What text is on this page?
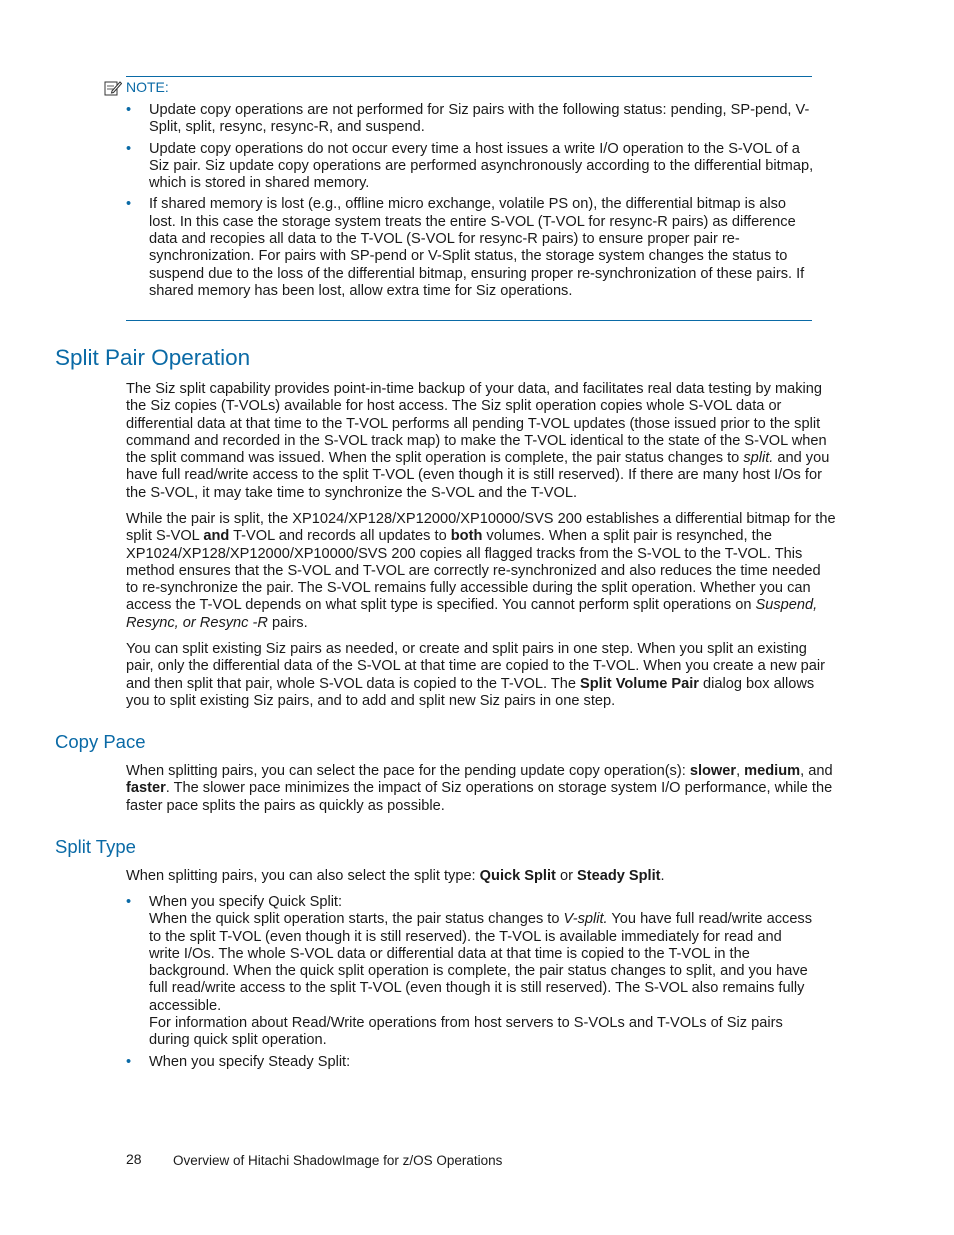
NOTE:
• Update copy operations are not performed for Siz pairs with the following status: pending, SP-pend, V-Split, split, resync, resync-R, and suspend.
• Update copy operations do not occur every time a host issues a write I/O operation to the S-VOL of a Siz pair. Siz update copy operations are performed asynchronously according to the differential bitmap, which is stored in shared memory.
• If shared memory is lost (e.g., offline micro exchange, volatile PS on), the differential bitmap is also lost. In this case the storage system treats the entire S-VOL (T-VOL for resync-R pairs) as difference data and recopies all data to the T-VOL (S-VOL for resync-R pairs) to ensure proper pair re-synchronization. For pairs with SP-pend or V-Split status, the storage system changes the status to suspend due to the loss of the differential bitmap, ensuring proper re-synchronization of these pairs. If shared memory has been lost, allow extra time for Siz operations.
Split Pair Operation

The Siz split capability provides point-in-time backup of your data, and facilitates real data testing by making the Siz copies (T-VOLs) available for host access. The Siz split operation copies whole S-VOL data or differential data at that time to the T-VOL performs all pending T-VOL updates (those issued prior to the split command and recorded in the S-VOL track map) to make the T-VOL identical to the state of the S-VOL when the split command was issued. When the split operation is complete, the pair status changes to split. and you have full read/write access to the split T-VOL (even though it is still reserved). If there are many host I/Os for the S-VOL, it may take time to synchronize the S-VOL and the T-VOL.

While the pair is split, the XP1024/XP128/XP12000/XP10000/SVS 200 establishes a differential bitmap for the split S-VOL and T-VOL and records all updates to both volumes. When a split pair is resynched, the XP1024/XP128/XP12000/XP10000/SVS 200 copies all flagged tracks from the S-VOL to the T-VOL. This method ensures that the S-VOL and T-VOL are correctly re-synchronized and also reduces the time needed to re-synchronize the pair. The S-VOL remains fully accessible during the split operation. Whether you can access the T-VOL depends on what split type is specified. You cannot perform split operations on Suspend, Resync, or Resync -R pairs.

You can split existing Siz pairs as needed, or create and split pairs in one step. When you split an existing pair, only the differential data of the S-VOL at that time are copied to the T-VOL. When you create a new pair and then split that pair, whole S-VOL data is copied to the T-VOL. The Split Volume Pair dialog box allows you to split existing Siz pairs, and to add and split new Siz pairs in one step.

Copy Pace

When splitting pairs, you can select the pace for the pending update copy operation(s): slower, medium, and faster. The slower pace minimizes the impact of Siz operations on storage system I/O performance, while the faster pace splits the pairs as quickly as possible.

Split Type

When splitting pairs, you can also select the split type: Quick Split or Steady Split.

• When you specify Quick Split:
When the quick split operation starts, the pair status changes to V-split. You have full read/write access to the split T-VOL (even though it is still reserved). the T-VOL is available immediately for read and write I/Os. The whole S-VOL data or differential data at that time is copied to the T-VOL in the background. When the quick split operation is complete, the pair status changes to split, and you have full read/write access to the split T-VOL (even though it is still reserved). The S-VOL also remains fully accessible.
For information about Read/Write operations from host servers to S-VOLs and T-VOLs of Siz pairs during quick split operation.
• When you specify Steady Split:
28 Overview of Hitachi ShadowImage for z/OS Operations
